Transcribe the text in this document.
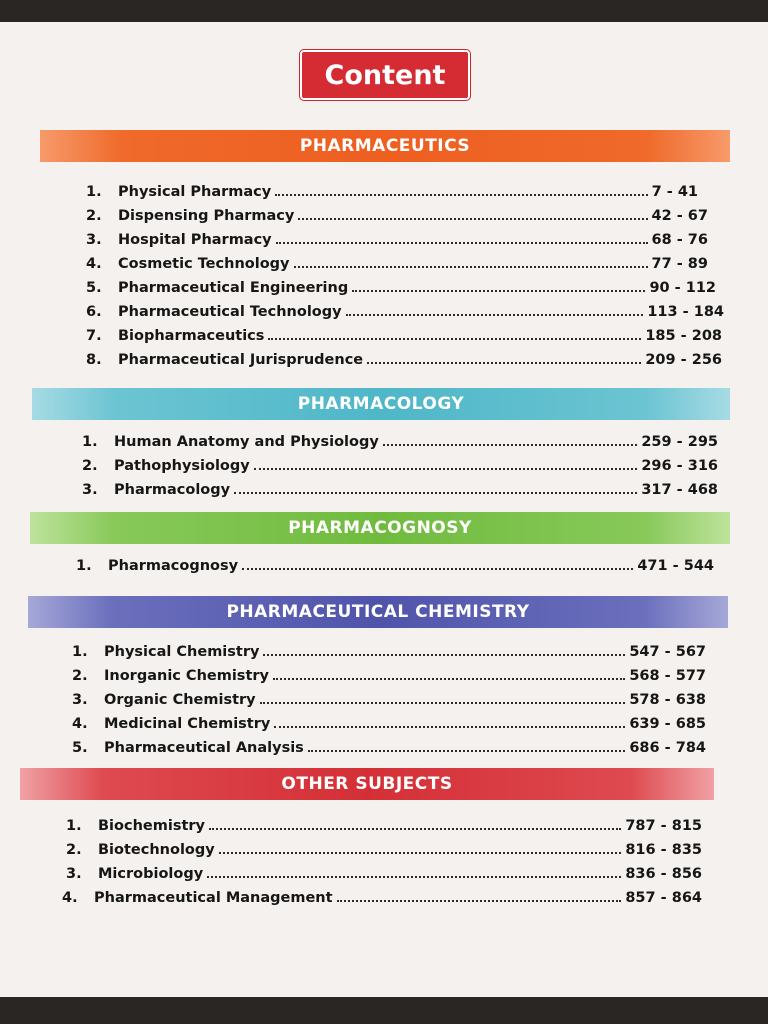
Content
PHARMACEUTICS
1.	Physical Pharmacy	7 - 41
2.	Dispensing Pharmacy	42 - 67
3.	Hospital Pharmacy	68 - 76
4.	Cosmetic Technology	77 - 89
5.	Pharmaceutical Engineering	90 - 112
6.	Pharmaceutical Technology	113 - 184
7.	Biopharmaceutics	185 - 208
8.	Pharmaceutical Jurisprudence	209 - 256
PHARMACOLOGY
1.	Human Anatomy and Physiology	259 - 295
2.	Pathophysiology	296 - 316
3.	Pharmacology	317 - 468
PHARMACOGNOSY
1.	Pharmacognosy	471 - 544
PHARMACEUTICAL CHEMISTRY
1.	Physical Chemistry	547 - 567
2.	Inorganic Chemistry	568 - 577
3.	Organic Chemistry	578 - 638
4.	Medicinal Chemistry	639 - 685
5.	Pharmaceutical Analysis	686 - 784
OTHER SUBJECTS
1.	Biochemistry	787 - 815
2.	Biotechnology	816 - 835
3.	Microbiology	836 - 856
4.	Pharmaceutical Management	857 - 864
